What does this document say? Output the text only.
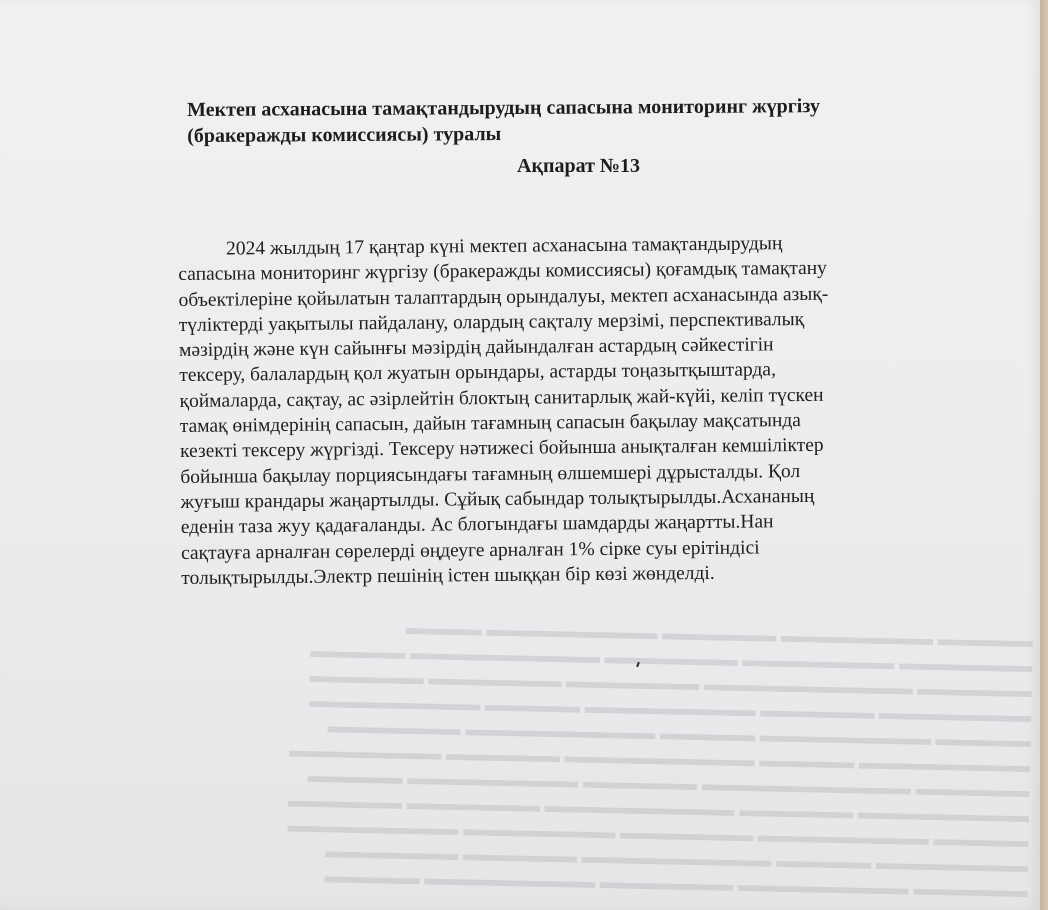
▬▬▬▬▬ ▬▬▬▬▬▬▬▬ ▬▬▬▬▬▬ ▬▬▬▬▬▬▬▬▬ ▬▬▬▬
▬▬▬▬▬▬▬ ▬▬▬▬▬▬▬▬ ▬▬▬▬▬▬▬ ▬▬▬▬▬▬▬▬▬▬ ▬▬▬▬▬
▬▬▬▬▬▬ ▬▬▬▬▬▬▬▬▬▬▬ ▬▬▬▬▬▬▬ ▬▬▬▬▬▬▬ ▬▬▬▬▬▬
▬▬▬▬▬▬▬▬ ▬▬▬▬▬▬ ▬▬▬▬▬▬▬▬▬ ▬▬▬▬▬ ▬▬▬▬▬▬▬▬▬
▬▬▬▬▬ ▬▬▬▬▬▬▬▬▬ ▬▬▬▬▬ ▬▬▬▬▬▬▬▬▬▬ ▬▬▬▬▬▬▬
▬▬▬▬▬▬▬▬▬ ▬▬▬▬▬ ▬▬▬▬▬▬▬▬▬▬ ▬▬▬▬▬▬ ▬▬▬▬▬▬▬▬
▬▬▬▬▬▬ ▬▬▬▬▬▬▬▬▬▬▬ ▬▬▬▬▬▬ ▬▬▬▬▬▬▬▬▬ ▬▬▬▬▬
▬▬▬▬▬▬▬▬▬ ▬▬▬▬▬▬ ▬▬▬▬▬▬▬▬▬▬ ▬▬▬▬▬▬▬ ▬▬▬▬▬▬
▬▬▬▬▬ ▬▬▬▬▬▬▬▬▬ ▬▬▬▬▬▬▬ ▬▬▬▬▬▬▬▬ ▬▬▬▬▬▬▬▬▬
▬▬▬▬▬▬▬▬ ▬▬▬▬▬ ▬▬▬▬▬▬▬▬▬▬ ▬▬▬▬▬▬ ▬▬▬▬▬▬▬
▬▬▬▬▬▬ ▬▬▬▬▬▬▬▬▬ ▬▬▬▬▬▬▬ ▬▬▬▬▬▬▬▬▬ ▬▬▬▬▬
Мектеп асханасына тамақтандырудың сапасына мониторинг жүргізу
(бракеражды комиссиясы) туралы
Ақпарат №13
2024 жылдың 17 қаңтар күні мектеп асханасына тамақтандырудың
сапасына мониторинг жүргізу (бракеражды комиссиясы) қоғамдық тамақтану
объектілеріне қойылатын талаптардың орындалуы, мектеп асханасында азық-
түліктерді уақытылы пайдалану, олардың сақталу мерзімі, перспективалық
мәзірдің және күн сайынғы мәзірдің дайындалған астардың сәйкестігін
тексеру, балалардың қол жуатын орындары, астарды тоңазытқыштарда,
қоймаларда, сақтау, ас әзірлейтін блоктың санитарлық жай-күйі, келіп түскен
тамақ өнімдерінің сапасын, дайын тағамның сапасын бақылау мақсатында
кезекті тексеру жүргізді. Тексеру нәтижесі бойынша анықталған кемшіліктер
бойынша бақылау порциясындағы тағамның өлшемшері дұрысталды. Қол
жуғыш крандары жаңартылды. Сұйық сабындар толықтырылды.Асхананың
еденін таза жуу қадағаланды. Ас блогындағы шамдарды жаңартты.Нан
сақтауға арналған сөрелерді өңдеуге арналған 1% сірке суы ерітіндісі
толықтырылды.Электр пешінің істен шыққан бір көзі жөнделді.
